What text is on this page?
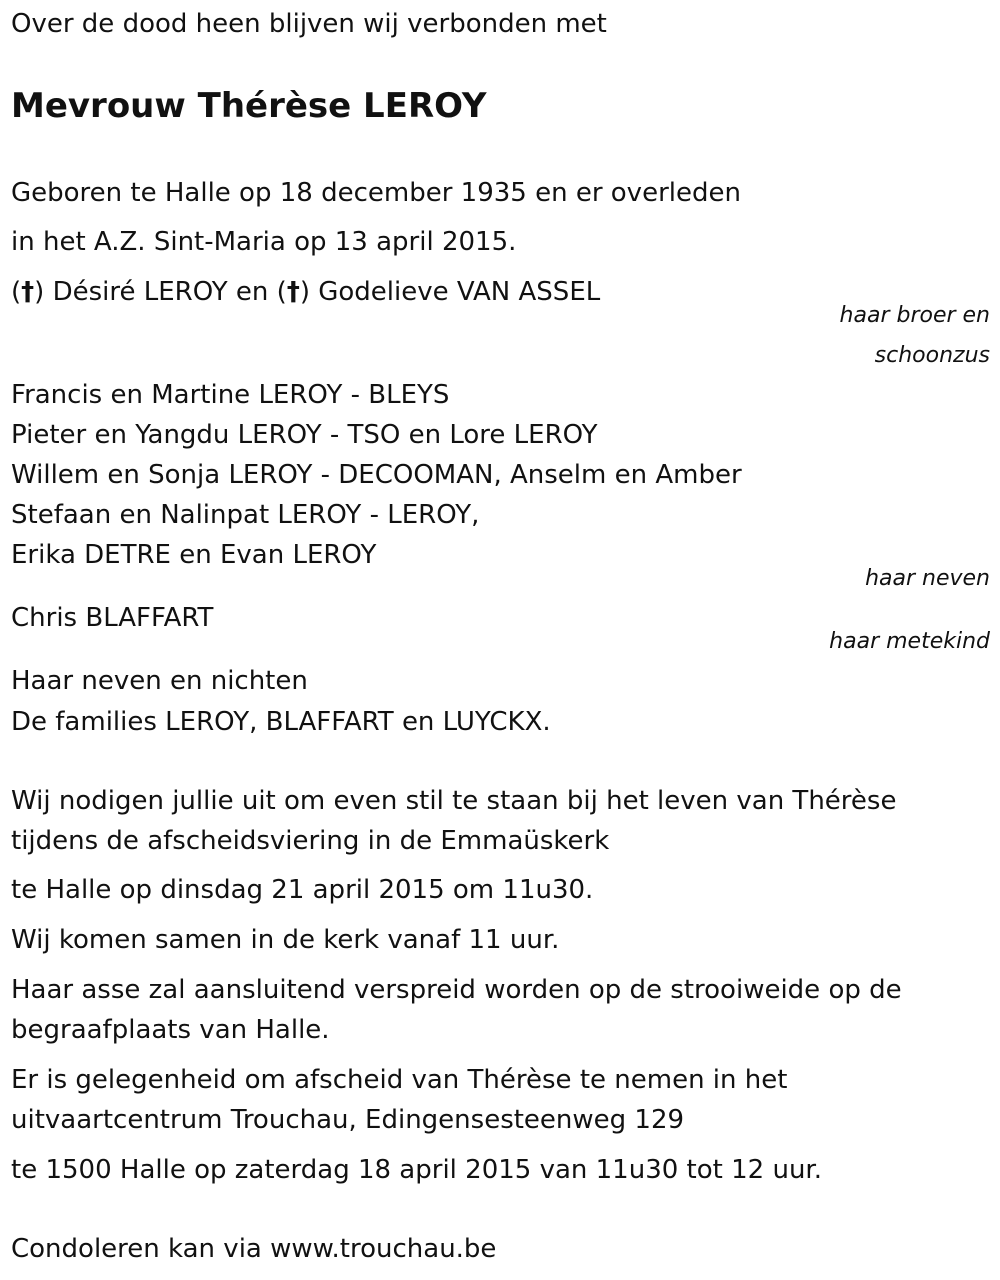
Over de dood heen blijven wij verbonden met

Mevrouw Thérèse LEROY

Geboren te Halle op 18 december 1935 en er overleden

in het A.Z. Sint-Maria op 13 april 2015.

(†) Désiré LEROY en (†) Godelieve VAN ASSEL

haar broer en

schoonzus

Francis en Martine LEROY - BLEYS

Pieter en Yangdu LEROY - TSO en Lore LEROY

Willem en Sonja LEROY - DECOOMAN, Anselm en Amber

Stefaan en Nalinpat LEROY - LEROY,

Erika DETRE en Evan LEROY

haar neven

Chris BLAFFART

haar metekind

Haar neven en nichten

De families LEROY, BLAFFART en LUYCKX.

Wij nodigen jullie uit om even stil te staan bij het leven van Thérèse

tijdens de afscheidsviering in de Emmaüskerk

te Halle op dinsdag 21 april 2015 om 11u30.

Wij komen samen in de kerk vanaf 11 uur.

Haar asse zal aansluitend verspreid worden op de strooiweide op de

begraafplaats van Halle.

Er is gelegenheid om afscheid van Thérèse te nemen in het

uitvaartcentrum Trouchau, Edingensesteenweg 129

te 1500 Halle op zaterdag 18 april 2015 van 11u30 tot 12 uur.

Condoleren kan via www.trouchau.be
